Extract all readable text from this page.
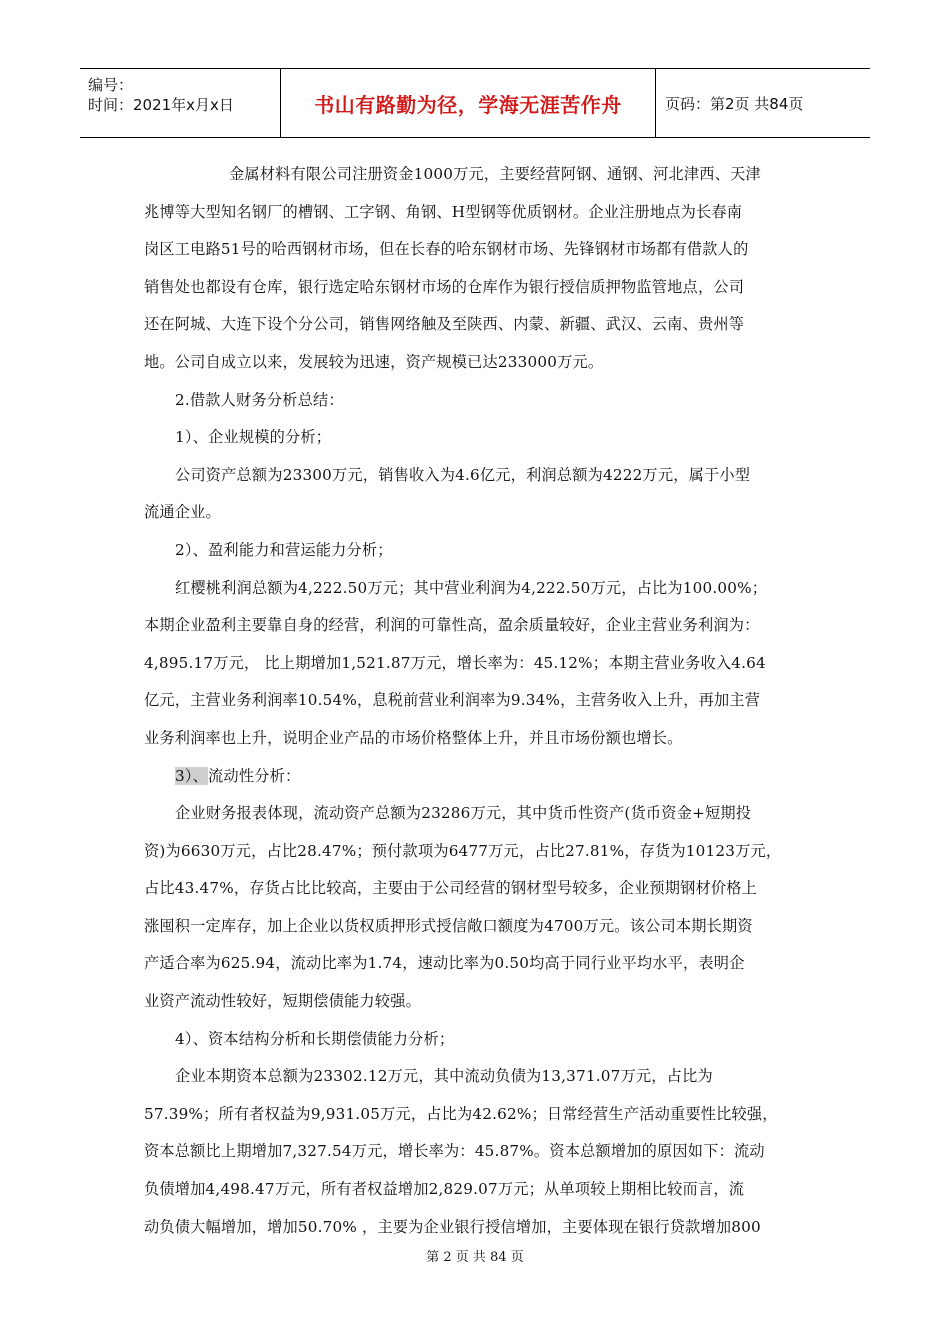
编号：
时间：2021年x月x日	书山有路勤为径，学海无涯苦作舟	页码：第2页 共84页

金属材料有限公司注册资金1000万元，主要经营阿钢、通钢、河北津西、天津

兆博等大型知名钢厂的槽钢、工字钢、角钢、H型钢等优质钢材。企业注册地点为长春南

岗区工电路51号的哈西钢材市场，但在长春的哈东钢材市场、先锋钢材市场都有借款人的

销售处也都设有仓库，银行选定哈东钢材市场的仓库作为银行授信质押物监管地点，公司

还在阿城、大连下设个分公司，销售网络触及至陕西、内蒙、新疆、武汉、云南、贵州等

地。公司自成立以来，发展较为迅速，资产规模已达233000万元。

2.借款人财务分析总结：

1）、企业规模的分析；

公司资产总额为23300万元，销售收入为4.6亿元，利润总额为4222万元，属于小型

流通企业。

2）、盈利能力和营运能力分析；

红樱桃利润总额为4,222.50万元；其中营业利润为4,222.50万元，占比为100.00%；

本期企业盈利主要靠自身的经营，利润的可靠性高，盈余质量较好，企业主营业务利润为：

4,895.17万元， 比上期增加1,521.87万元，增长率为：45.12%；本期主营业务收入4.64

亿元，主营业务利润率10.54%，息税前营业利润率为9.34%，主营务收入上升，再加主营

业务利润率也上升，说明企业产品的市场价格整体上升，并且市场份额也增长。

3）、流动性分析：

企业财务报表体现，流动资产总额为23286万元，其中货币性资产(货币资金+短期投

资)为6630万元，占比28.47%；预付款项为6477万元，占比27.81%，存货为10123万元，

占比43.47%，存货占比比较高，主要由于公司经营的钢材型号较多，企业预期钢材价格上

涨囤积一定库存，加上企业以货权质押形式授信敞口额度为4700万元。该公司本期长期资

产适合率为625.94，流动比率为1.74，速动比率为0.50均高于同行业平均水平，表明企

业资产流动性较好，短期偿债能力较强。

4）、资本结构分析和长期偿债能力分析；

企业本期资本总额为23302.12万元，其中流动负债为13,371.07万元，占比为

57.39%；所有者权益为9,931.05万元，占比为42.62%；日常经营生产活动重要性比较强，

资本总额比上期增加7,327.54万元，增长率为：45.87%。资本总额增加的原因如下：流动

负债增加4,498.47万元，所有者权益增加2,829.07万元；从单项较上期相比较而言，流

动负债大幅增加，增加50.70% ，主要为企业银行授信增加，主要体现在银行贷款增加800

第 2 页 共 84 页
